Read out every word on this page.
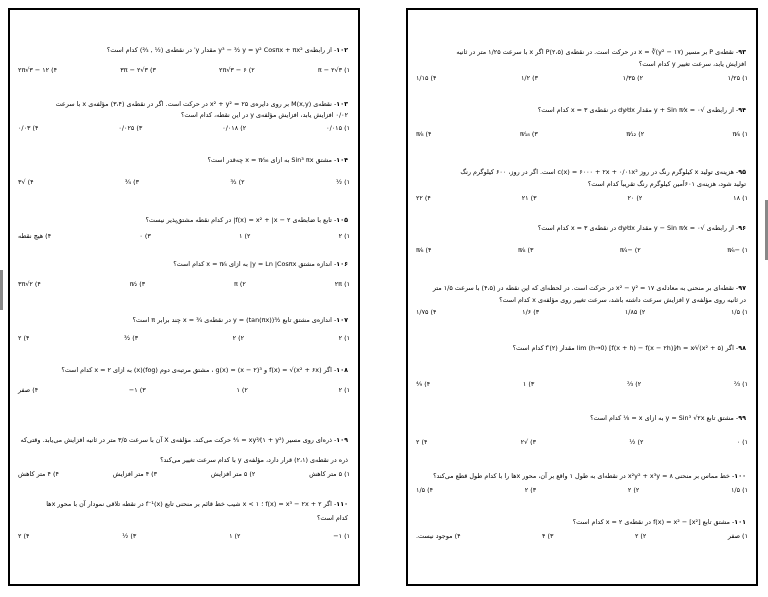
۱۰۲- از رابطه‌ی y³ − ³⁄₂ y = y² Cosπx + πx² مقدار y′ در نقطه‌ی (½ , ²⁄₃) کدام است؟
۱) π − ۲√۳
۲) ۲π√۳ − ۶
۳) ۳π − ۲√۳
۴) ۱۲ − ۲π√۳
۱۰۳- نقطه‌ی M(x,y) بر روی دایره‌ی x² + y² = ۲۵ در حرکت است. اگر در نقطه‌ی (۳،۴) مؤلفه‌ی x با سرعت
۰/۰۲ افزایش یابد، افزایش مؤلفه‌ی y در این نقطه، کدام است؟
۱) ۰/۰۱۵
۲) ۰/۰۱۸
۳) ۰/۰۲۵
۴) ۰/۰۳
۱۰۴- مشتق Sin³ πx به ازای x = π⁄₃₆ چه‌قدر است؟
۱) ½
۲) ³⁄₂
۳) ³⁄₄
۴) √۳
۱۰۵- تابع با ضابطه‌ی f(x) = x² + |x − ۲| در کدام نقطه مشتق‌پذیر نیست؟
۱) ۲
۲) ۱
۳) ۰
۴) هیچ نقطه
۱۰۶- اندازه مشتق y = Ln |Cosπx| به ازای x = π⁄₄ کدام است؟
۱) ۲π
۲) π
۳) π⁄₂
۴) ۲√۳π
۱۰۷- اندازه‌ی مشتق تابع y = (tan(πx))³⁄₂ در نقطه‌ی x = ³⁄₄ چند برابر π است؟
۱) ۲
۲) ۲
۳) ³⁄₂
۴) ۲
۱۰۸- اگر f(x) = √(x² + ۶x) و g(x) = (x − ۲)³ ، مشتق مرتبه‌ی دوم (fog)(x) به ازای x = ۲ کدام است؟
۱) ۲
۲) ۱
۳) ۱−
۴) صفر
۱۰۹- ذره‌ای روی مسیر xy²⁄(۱ + y²) = ⅘ حرکت می‌کند. مؤلفه‌ی X آن با سرعت ۳/۵ متر در ثانیه افزایش می‌یابد. وقتی‌که
ذره در نقطه‌ی (۲،۱) قرار دارد، مؤلفه‌ی y با کدام سرعت تغییر می‌کند؟
۱) ۵ متر کاهش
۲) ۵ متر افزایش
۳) ۴ متر افزایش
۴) ۴ متر کاهش
۱۱۰- اگر f(x) = x³ − ۲x + ۲ ؛ x < ۱ شیب خط قائم بر منحنی تابع f⁻¹(x) در نقطه تلاقی نمودار آن با محور xها
کدام است؟
۱) ۱−
۲) ۱
۳) ½
۴) ۲
۹۳- نقطه‌ی P بر مسیر x = ∛(y² − ۱۷) در حرکت است. در نقطه‌ی P(۲،۵) اگر x با سرعت ۱/۲۵ متر در ثانیه
افزایش یابد، سرعت تغییر y کدام است؟
۱) ۱/۲۵
۲) ۱/۳۵
۳) ۱/۲
۴) ۱/۱۵
۹۴- از رابطه‌ی √y + Sin π⁄x = ۰ مقدار dy⁄dx در نقطه‌ی x = ۳ کدام است؟
۱) π⁄₆
۲) π⁄₁₂
۳) π⁄₁₈
۴) π⁄₈
۹۵- هزینه‌ی تولید x کیلوگرم رنگ در روز c(x) = ۶۰۰۰ + ۲x + ۰/۰۱x² است. اگر در روز، ۶۰۰ کیلوگرم رنگ
تولید شود، هزینه‌ی ۶۰۱اُمین کیلوگرم رنگ تقریباً کدام است؟
۱) ۱۸
۲) ۲۰
۳) ۲۱
۴) ۲۲
۹۶- از رابطه‌ی √y − Sin π⁄x = ۰ مقدار dy⁄dx در نقطه‌ی x = ۳ کدام است؟
۱) −π⁄₆
۲) −π⁄₄
۳) π⁄₈
۴) π⁄₆
۹۷- نقطه‌ای بر منحنی به معادله‌ی x² − y² = ۱۷ در حرکت است. در لحظه‌ای که این نقطه در (۴،۵) با سرعت ۱/۵ متر
در ثانیه روی مؤلفه‌ی y افزایش سرعت داشته باشد، سرعت تغییر روی مؤلفه‌ی x کدام است؟
۱) ۱/۵
۲) ۱/۸۵
۳) ۱/۶
۴) ۱/۷۵
۹۸- اگر lim (h→0) [f(x + h) − f(x − ۲h)]⁄h = x⁄√(x² + ۵) مقدار f′(۲) کدام است؟
۱) ⅔
۲) ⅔
۳) ۱
۴) ⁴⁄₉
۹۹- مشتق تابع y = Sin³ √۲x به ازای x = ⅛ کدام است؟
۱) ۰
۲) ½
۳) √۲
۴) ۲
۱۰۰- خط مماس بر منحنی x²y² + x³y = ۸ در نقطه‌ای به طول ۱ واقع بر آن، محور xها را با کدام طول قطع می‌کند؟
۱) ۱/۵
۲) ۲
۳) ۲
۴) ۱/۵
۱۰۱- مشتق تابع f(x) = x² − [x²] در نقطه‌ی x = ۲ کدام است؟
۱) صفر
۲) ۲
۳) ۴
۴) موجود نیست.
